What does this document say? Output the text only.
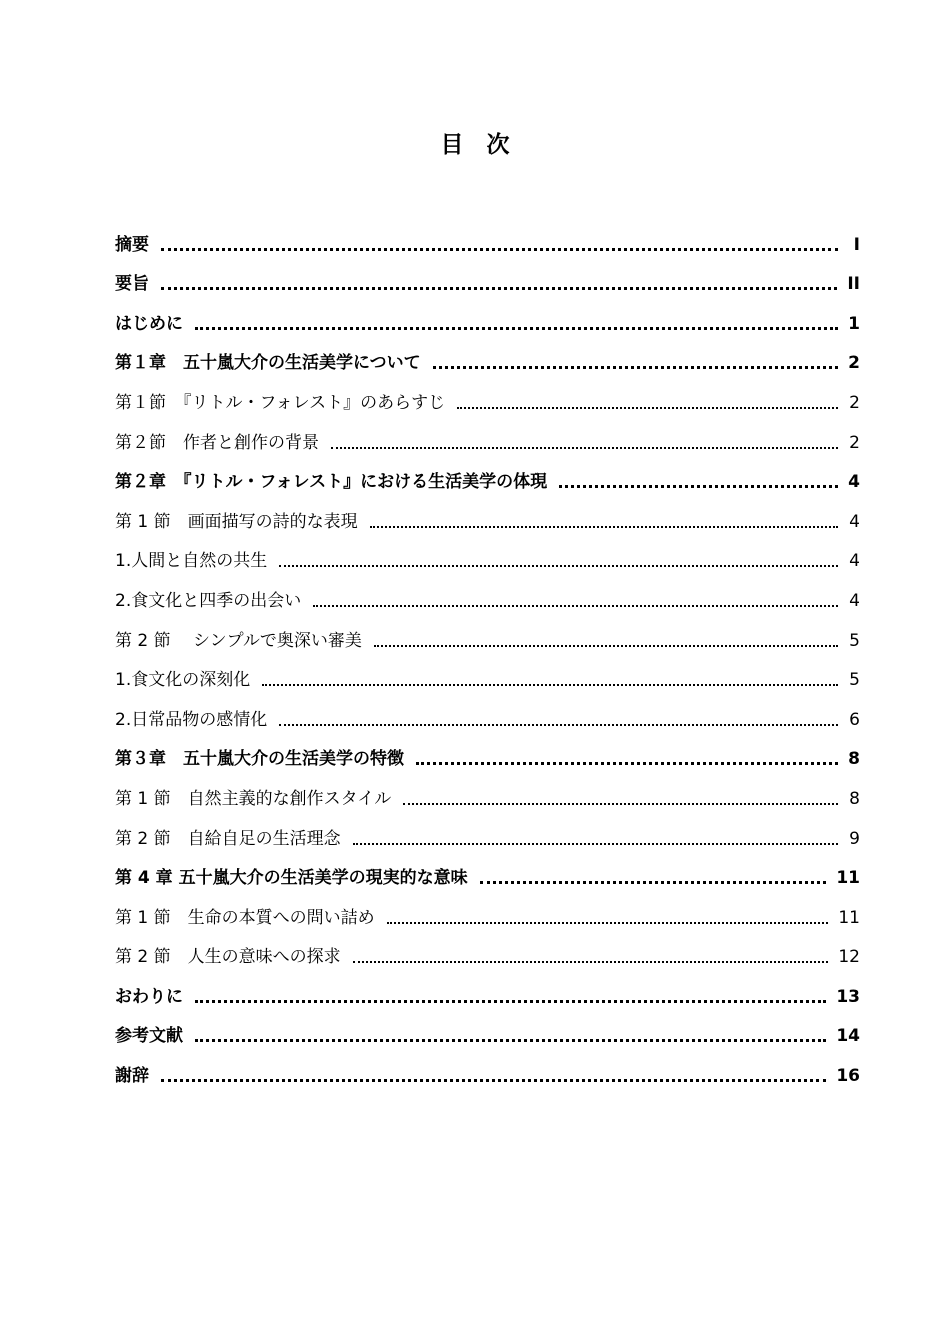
目　次
摘要	I
要旨	II
はじめに	1
第１章　五十嵐大介の生活美学について	2
第１節　『リトル・フォレスト』のあらすじ	2
第２節　作者と創作の背景	2
第２章　『リトル・フォレスト』における生活美学の体現	4
第 1 節　画面描写の詩的な表現	4
1.人間と自然の共生	4
2.食文化と四季の出会い	4
第 2 節　 シンプルで奥深い審美	5
1.食文化の深刻化	5
2.日常品物の感情化	6
第３章　五十嵐大介の生活美学の特徴	8
第 1 節　自然主義的な創作スタイル	8
第 2 節　自給自足の生活理念	9
第 4 章 五十嵐大介の生活美学の現実的な意味	11
第 1 節　生命の本質への問い詰め	11
第 2 節　人生の意味への探求	12
おわりに	13
参考文献	14
謝辞	16
